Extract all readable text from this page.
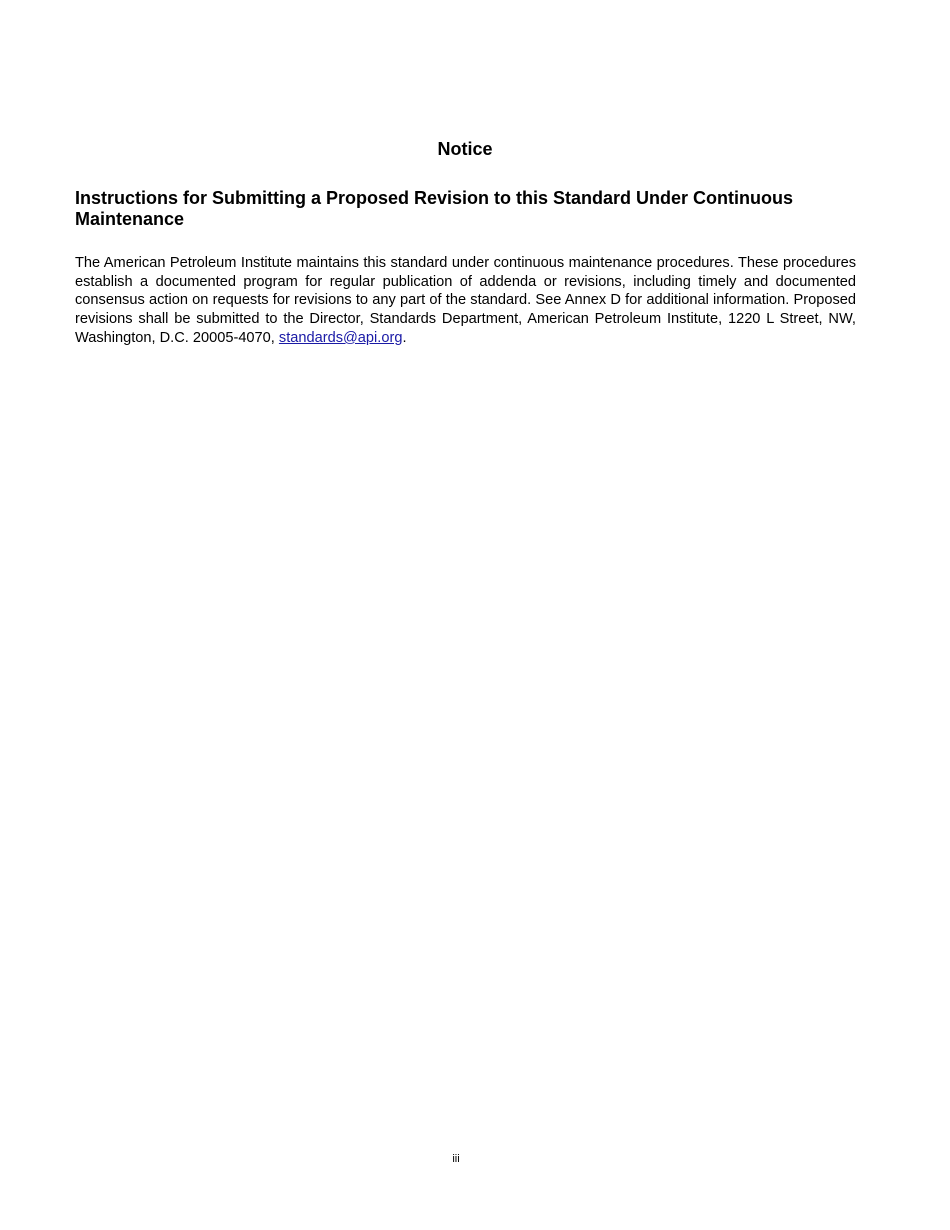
Notice
Instructions for Submitting a Proposed Revision to this Standard Under Continuous Maintenance

The American Petroleum Institute maintains this standard under continuous maintenance procedures. These procedures establish a documented program for regular publication of addenda or revisions, including timely and documented consensus action on requests for revisions to any part of the standard. See Annex D for additional information. Proposed revisions shall be submitted to the Director, Standards Department, American Petroleum Institute, 1220 L Street, NW, Washington, D.C. 20005-4070, standards@api.org.

iii
